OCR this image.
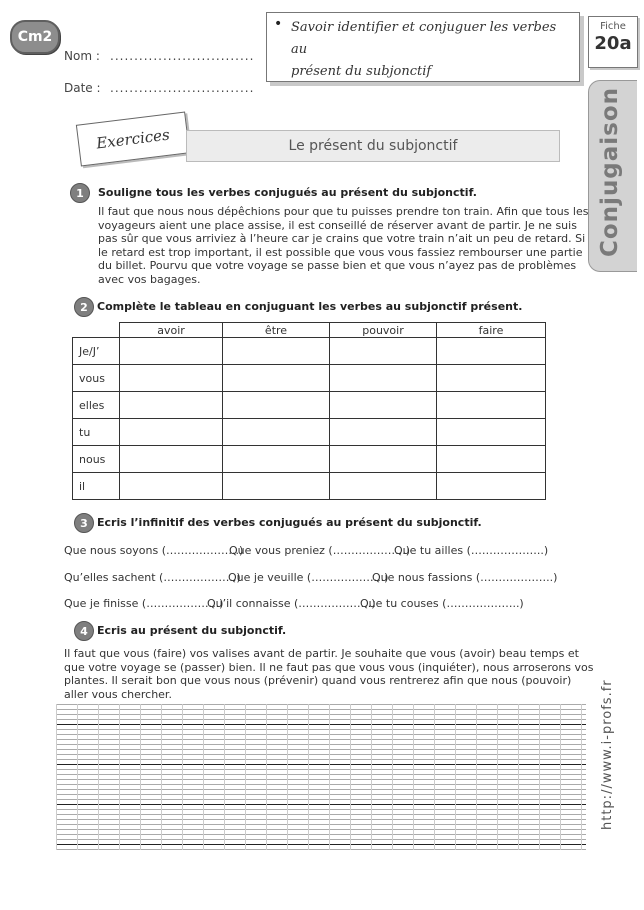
Cm2
Nom : ..............................
Date : ..............................
Savoir identifier et conjuguer les verbes au
présent du subjonctif
•	Fiche
20a
Conjugaison
http://www.i-profs.fr
Exercices	Le présent du subjonctif
1	Souligne tous les verbes conjugués au présent du subjonctif.
Il faut que nous nous dépêchions pour que tu puisses prendre ton train. Afin que tous les
voyageurs aient une place assise, il est conseillé de réserver avant de partir. Je ne suis
pas sûr que vous arriviez à l’heure car je crains que votre train n’ait un peu de retard. Si
le retard est trop important, il est possible que vous vous fassiez rembourser une partie
du billet. Pourvu que votre voyage se passe bien et que vous n’ayez pas de problèmes
avec vos bagages.
2 Complète le tableau en conjuguant les verbes au subjonctif présent.
	avoir	être	pouvoir	faire
Je/J’				
vous				
elles				
tu				
nous				
il				
3 Ecris l’infinitif des verbes conjugués au présent du subjonctif.
Que nous soyons (………………..)
Que vous preniez (………………..)
Que tu ailles (………………..)
Qu’elles sachent (………………..)
Que je veuille (………………..)
Que nous fassions (………………..)
Que je finisse (………………..)
Qu’il connaisse (………………..)
Que tu couses (………………..)
4 Ecris au présent du subjonctif.
Il faut que vous (faire) vos valises avant de partir. Je souhaite que vous (avoir) beau temps et
que votre voyage se (passer) bien. Il ne faut pas que vous vous (inquiéter), nous arroserons vos
plantes. Il serait bon que vous nous (prévenir) quand vous rentrerez afin que nous (pouvoir)
aller vous chercher.
